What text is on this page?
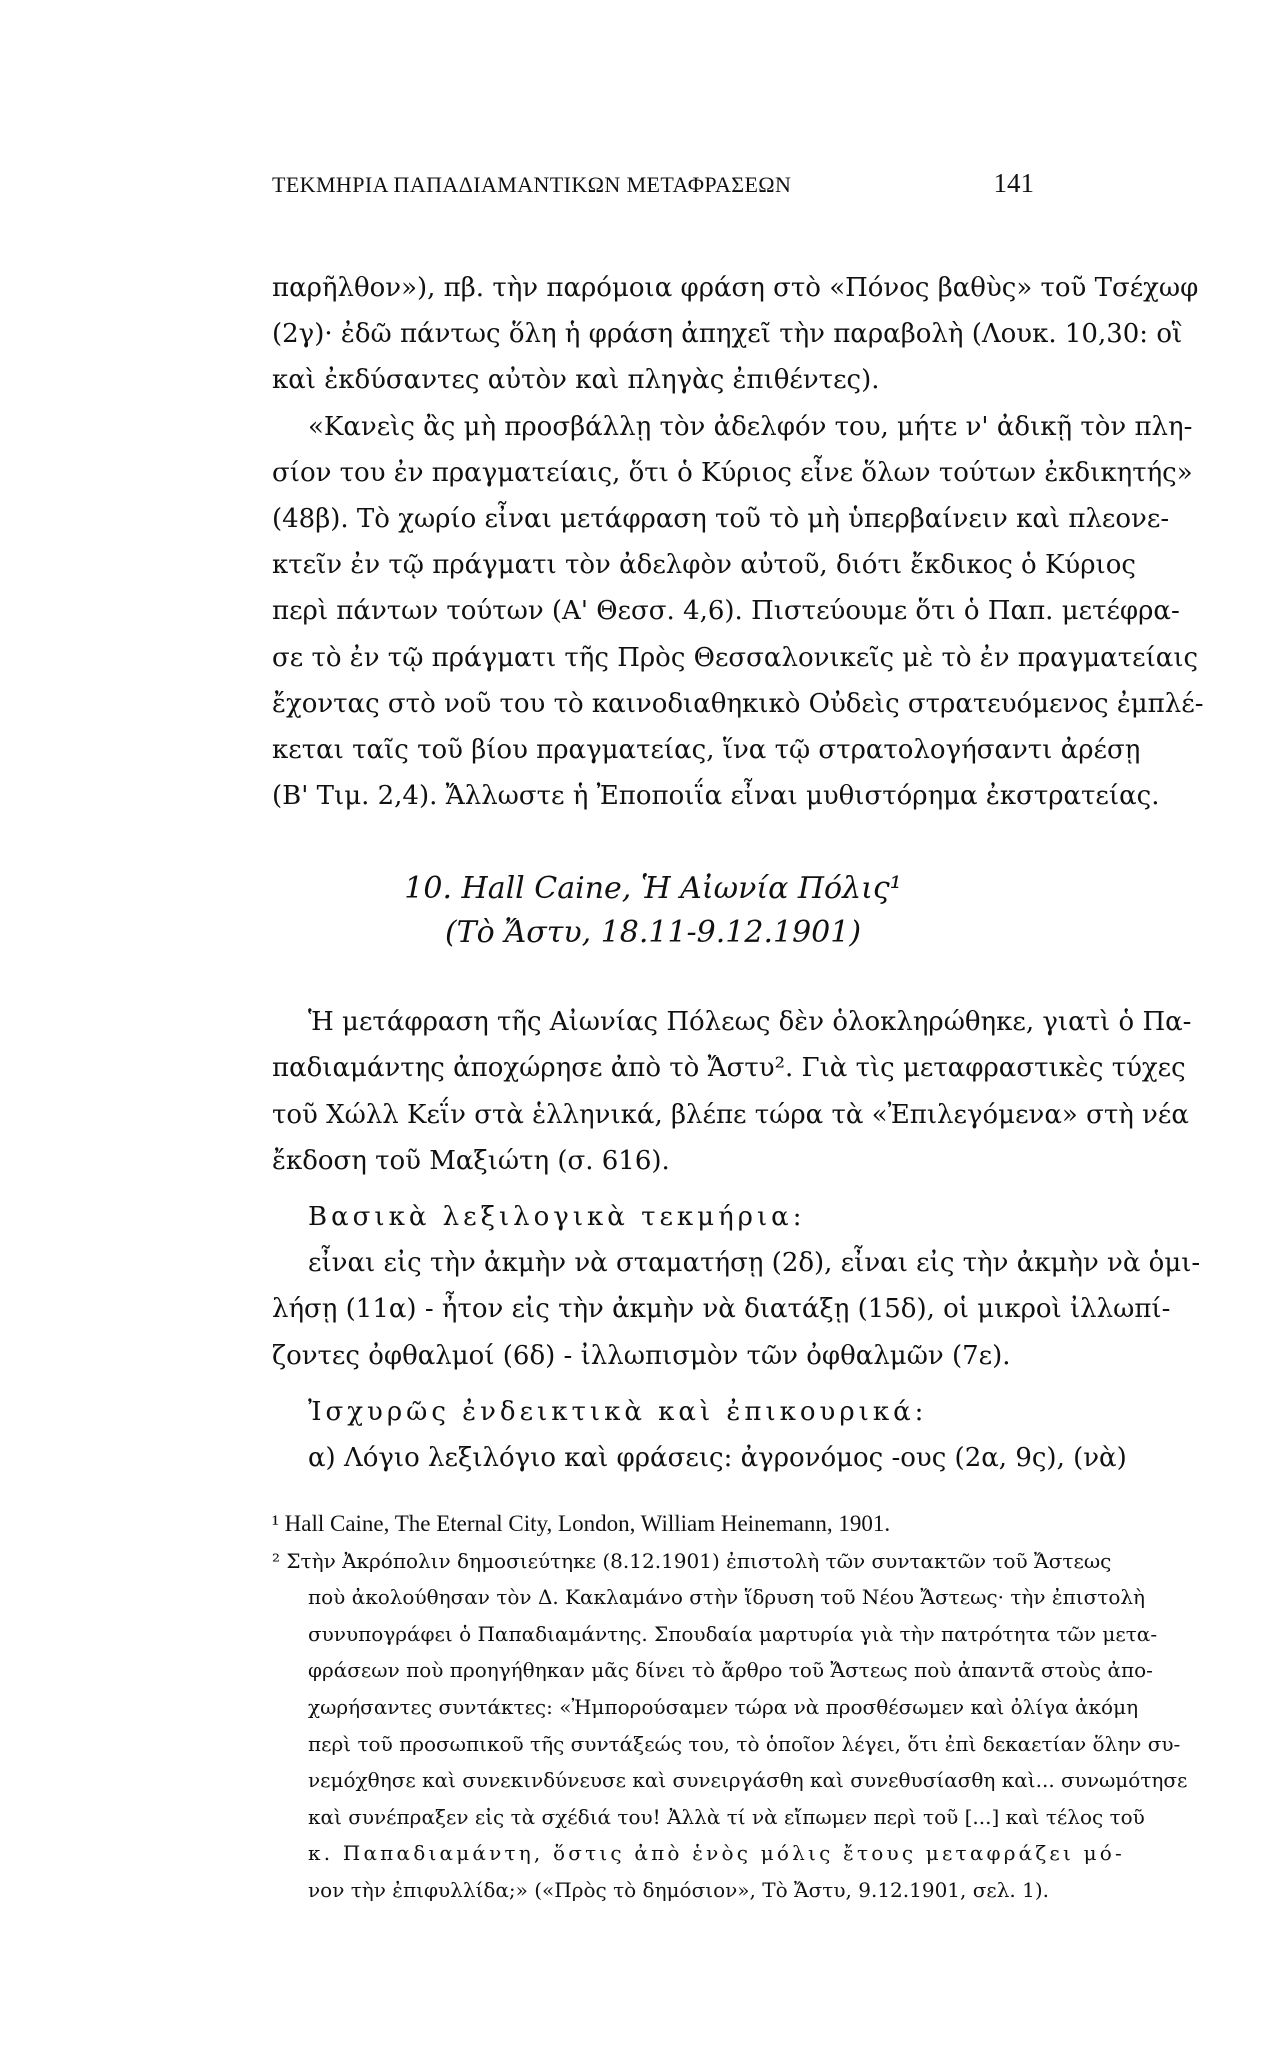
ΤΕΚΜΗΡΙΑ ΠΑΠΑΔΙΑΜΑΝΤΙΚΩΝ ΜΕΤΑΦΡΑΣΕΩΝ	141
παρῆλθον»), πβ. τὴν παρόμοια φράση στὸ «Πόνος βαθὺς» τοῦ Τσέχωφ
(2γ)· ἐδῶ πάντως ὅλη ἡ φράση ἀπηχεῖ τὴν παραβολὴ (Λουκ. 10,30: οἳ
καὶ ἐκδύσαντες αὐτὸν καὶ πληγὰς ἐπιθέντες).
«Κανεὶς ἂς μὴ προσβάλλῃ τὸν ἀδελφόν του, μήτε ν' ἀδικῇ τὸν πλη-
σίον του ἐν πραγματείαις, ὅτι ὁ Κύριος εἶνε ὅλων τούτων ἐκδικητής»
(48β). Τὸ χωρίο εἶναι μετάφραση τοῦ τὸ μὴ ὑπερβαίνειν καὶ πλεονε-
κτεῖν ἐν τῷ πράγματι τὸν ἀδελφὸν αὐτοῦ, διότι ἔκδικος ὁ Κύριος
περὶ πάντων τούτων (Α' Θεσσ. 4,6). Πιστεύουμε ὅτι ὁ Παπ. μετέφρα-
σε τὸ ἐν τῷ πράγματι τῆς Πρὸς Θεσσαλονικεῖς μὲ τὸ ἐν πραγματείαις
ἔχοντας στὸ νοῦ του τὸ καινοδιαθηκικὸ Οὐδεὶς στρατευόμενος ἐμπλέ-
κεται ταῖς τοῦ βίου πραγματείας, ἵνα τῷ στρατολογήσαντι ἀρέσῃ
(Β' Τιμ. 2,4). Ἄλλωστε ἡ Ἐποποιΐα εἶναι μυθιστόρημα ἐκστρατείας.
10. Hall Caine, Ἡ Αἰωνία Πόλις¹
(Τὸ Ἄστυ, 18.11-9.12.1901)
Ἡ μετάφραση τῆς Αἰωνίας Πόλεως δὲν ὁλοκληρώθηκε, γιατὶ ὁ Πα-
παδιαμάντης ἀποχώρησε ἀπὸ τὸ Ἄστυ². Γιὰ τὶς μεταφραστικὲς τύχες
τοῦ Χώλλ Κεΐν στὰ ἑλληνικά, βλέπε τώρα τὰ «Ἐπιλεγόμενα» στὴ νέα
ἔκδοση τοῦ Μαξιώτη (σ. 616).
Βασικὰ λεξιλογικὰ τεκμήρια:
εἶναι εἰς τὴν ἀκμὴν νὰ σταματήσῃ (2δ), εἶναι εἰς τὴν ἀκμὴν νὰ ὁμι-
λήσῃ (11α) - ἦτον εἰς τὴν ἀκμὴν νὰ διατάξῃ (15δ), οἱ μικροὶ ἰλλωπί-
ζοντες ὀφθαλμοί (6δ) - ἰλλωπισμὸν τῶν ὀφθαλμῶν (7ε).
Ἰσχυρῶς ἐνδεικτικὰ καὶ ἐπικουρικά:
α) Λόγιο λεξιλόγιο καὶ φράσεις: ἀγρονόμος -ους (2α, 9ς), (νὰ)
¹ Hall Caine, The Eternal City, London, William Heinemann, 1901.
² Στὴν Ἀκρόπολιν δημοσιεύτηκε (8.12.1901) ἐπιστολὴ τῶν συντακτῶν τοῦ Ἄστεως
ποὺ ἀκολούθησαν τὸν Δ. Κακλαμάνο στὴν ἵδρυση τοῦ Νέου Ἄστεως· τὴν ἐπιστολὴ
συνυπογράφει ὁ Παπαδιαμάντης. Σπουδαία μαρτυρία γιὰ τὴν πατρότητα τῶν μετα-
φράσεων ποὺ προηγήθηκαν μᾶς δίνει τὸ ἄρθρο τοῦ Ἄστεως ποὺ ἀπαντᾶ στοὺς ἀπο-
χωρήσαντες συντάκτες: «Ἠμπορούσαμεν τώρα νὰ προσθέσωμεν καὶ ὀλίγα ἀκόμη
περὶ τοῦ προσωπικοῦ τῆς συντάξεώς του, τὸ ὁποῖον λέγει, ὅτι ἐπὶ δεκαετίαν ὅλην συ-
νεμόχθησε καὶ συνεκινδύνευσε καὶ συνειργάσθη καὶ συνεθυσίασθη καὶ... συνωμότησε
καὶ συνέπραξεν εἰς τὰ σχέδιά του! Ἀλλὰ τί νὰ εἴπωμεν περὶ τοῦ [...] καὶ τέλος τοῦ
κ. Παπαδιαμάντη, ὅστις ἀπὸ ἑνὸς μόλις ἔτους μεταφράζει μό-
νον τὴν ἐπιφυλλίδα;» («Πρὸς τὸ δημόσιον», Τὸ Ἄστυ, 9.12.1901, σελ. 1).
